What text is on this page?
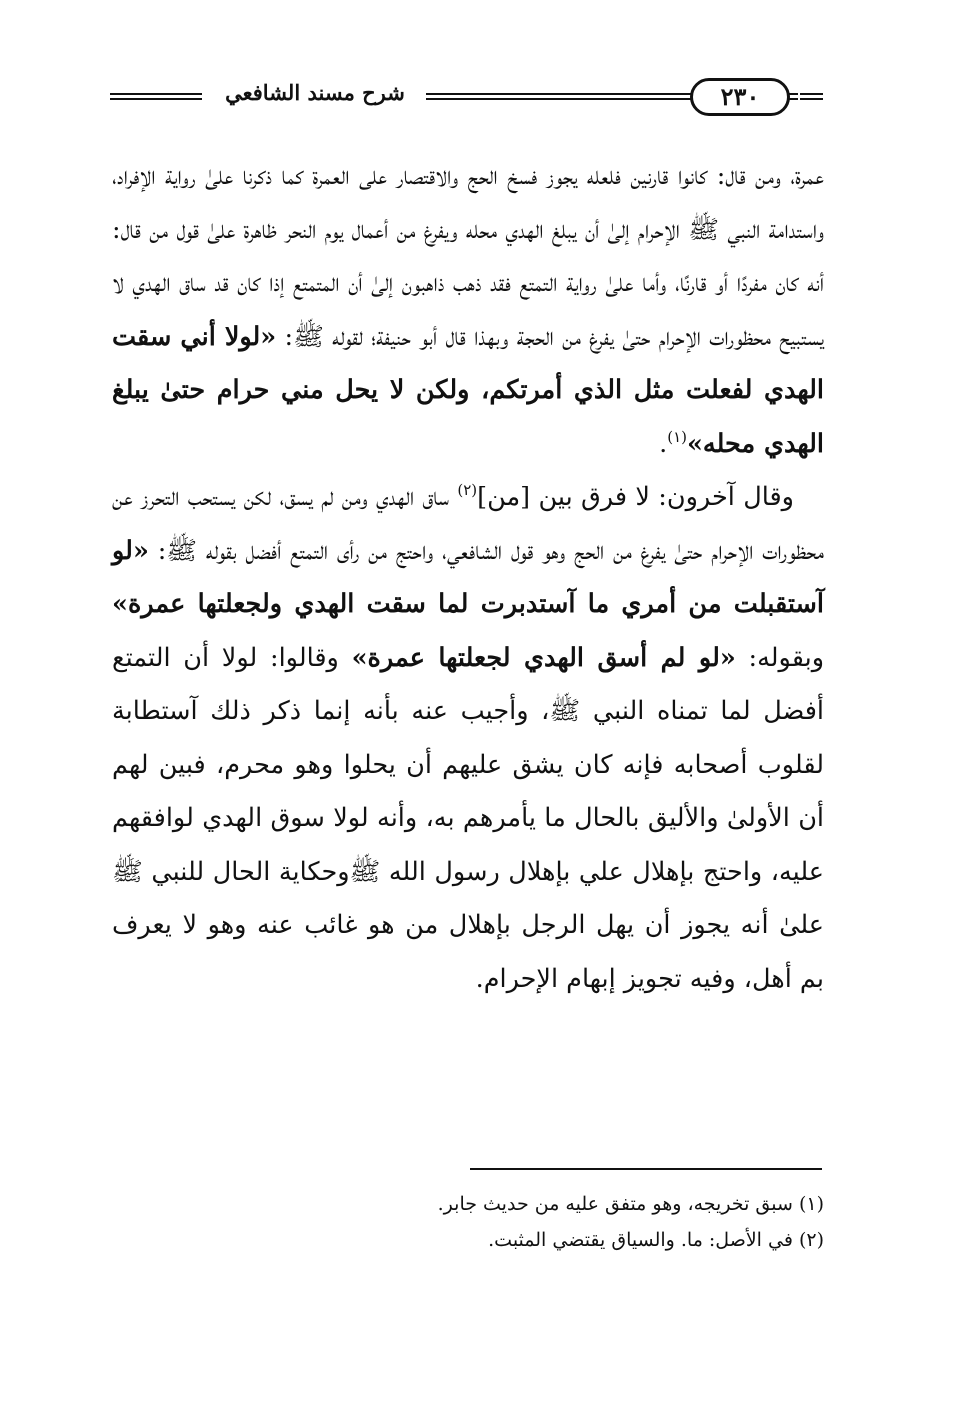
شرح مسند الشافعي	٢٣٠

عمرة، ومن قال: كانوا قارنين فلعله يجوز فسخ الحج والاقتصار على العمرة كما ذكرنا علىٰ رواية الإفراد، واستدامة النبي ﷺ الإحرام إلىٰ أن يبلغ الهدي محله ويفرغ من أعمال يوم النحر ظاهرة علىٰ قول من قال: أنه كان مفردًا أو قارنًا، وأما علىٰ رواية التمتع فقد ذهب ذاهبون إلىٰ أن المتمتع إذا كان قد ساق الهدي لا يستبيح محظورات الإحرام حتىٰ يفرغ من الحجة وبهذا قال أبو حنيفة؛ لقوله ﷺ: «لولا أني سقت الهدي لفعلت مثل الذي أمرتكم، ولكن لا يحل مني حرام حتىٰ يبلغ الهدي محله»$^{(١)}$.

وقال آخرون: لا فرق بين [من]$^{(٢)}$ ساق الهدي ومن لم يسق، لكن يستحب التحرز عن محظورات الإحرام حتىٰ يفرغ من الحج وهو قول الشافعي، واحتج من رأى التمتع أفضل بقوله ﷺ: «لو آستقبلت من أمري ما آستدبرت لما سقت الهدي ولجعلتها عمرة» وبقوله: «لو لم أسق الهدي لجعلتها عمرة» وقالوا: لولا أن التمتع أفضل لما تمناه النبي ﷺ، وأجيب عنه بأنه إنما ذكر ذلك آستطابة لقلوب أصحابه فإنه كان يشق عليهم أن يحلوا وهو محرم، فبين لهم أن الأولىٰ والأليق بالحال ما يأمرهم به، وأنه لولا سوق الهدي لوافقهم عليه، واحتج بإهلال علي بإهلال رسول الله ﷺوحكاية الحال للنبي ﷺ علىٰ أنه يجوز أن يهل الرجل بإهلال من هو غائب عنه وهو لا يعرف بم أهل، وفيه تجويز إبهام الإحرام.

(١) سبق تخريجه، وهو متفق عليه من حديث جابر.

(٢) في الأصل: ما. والسياق يقتضي المثبت.
